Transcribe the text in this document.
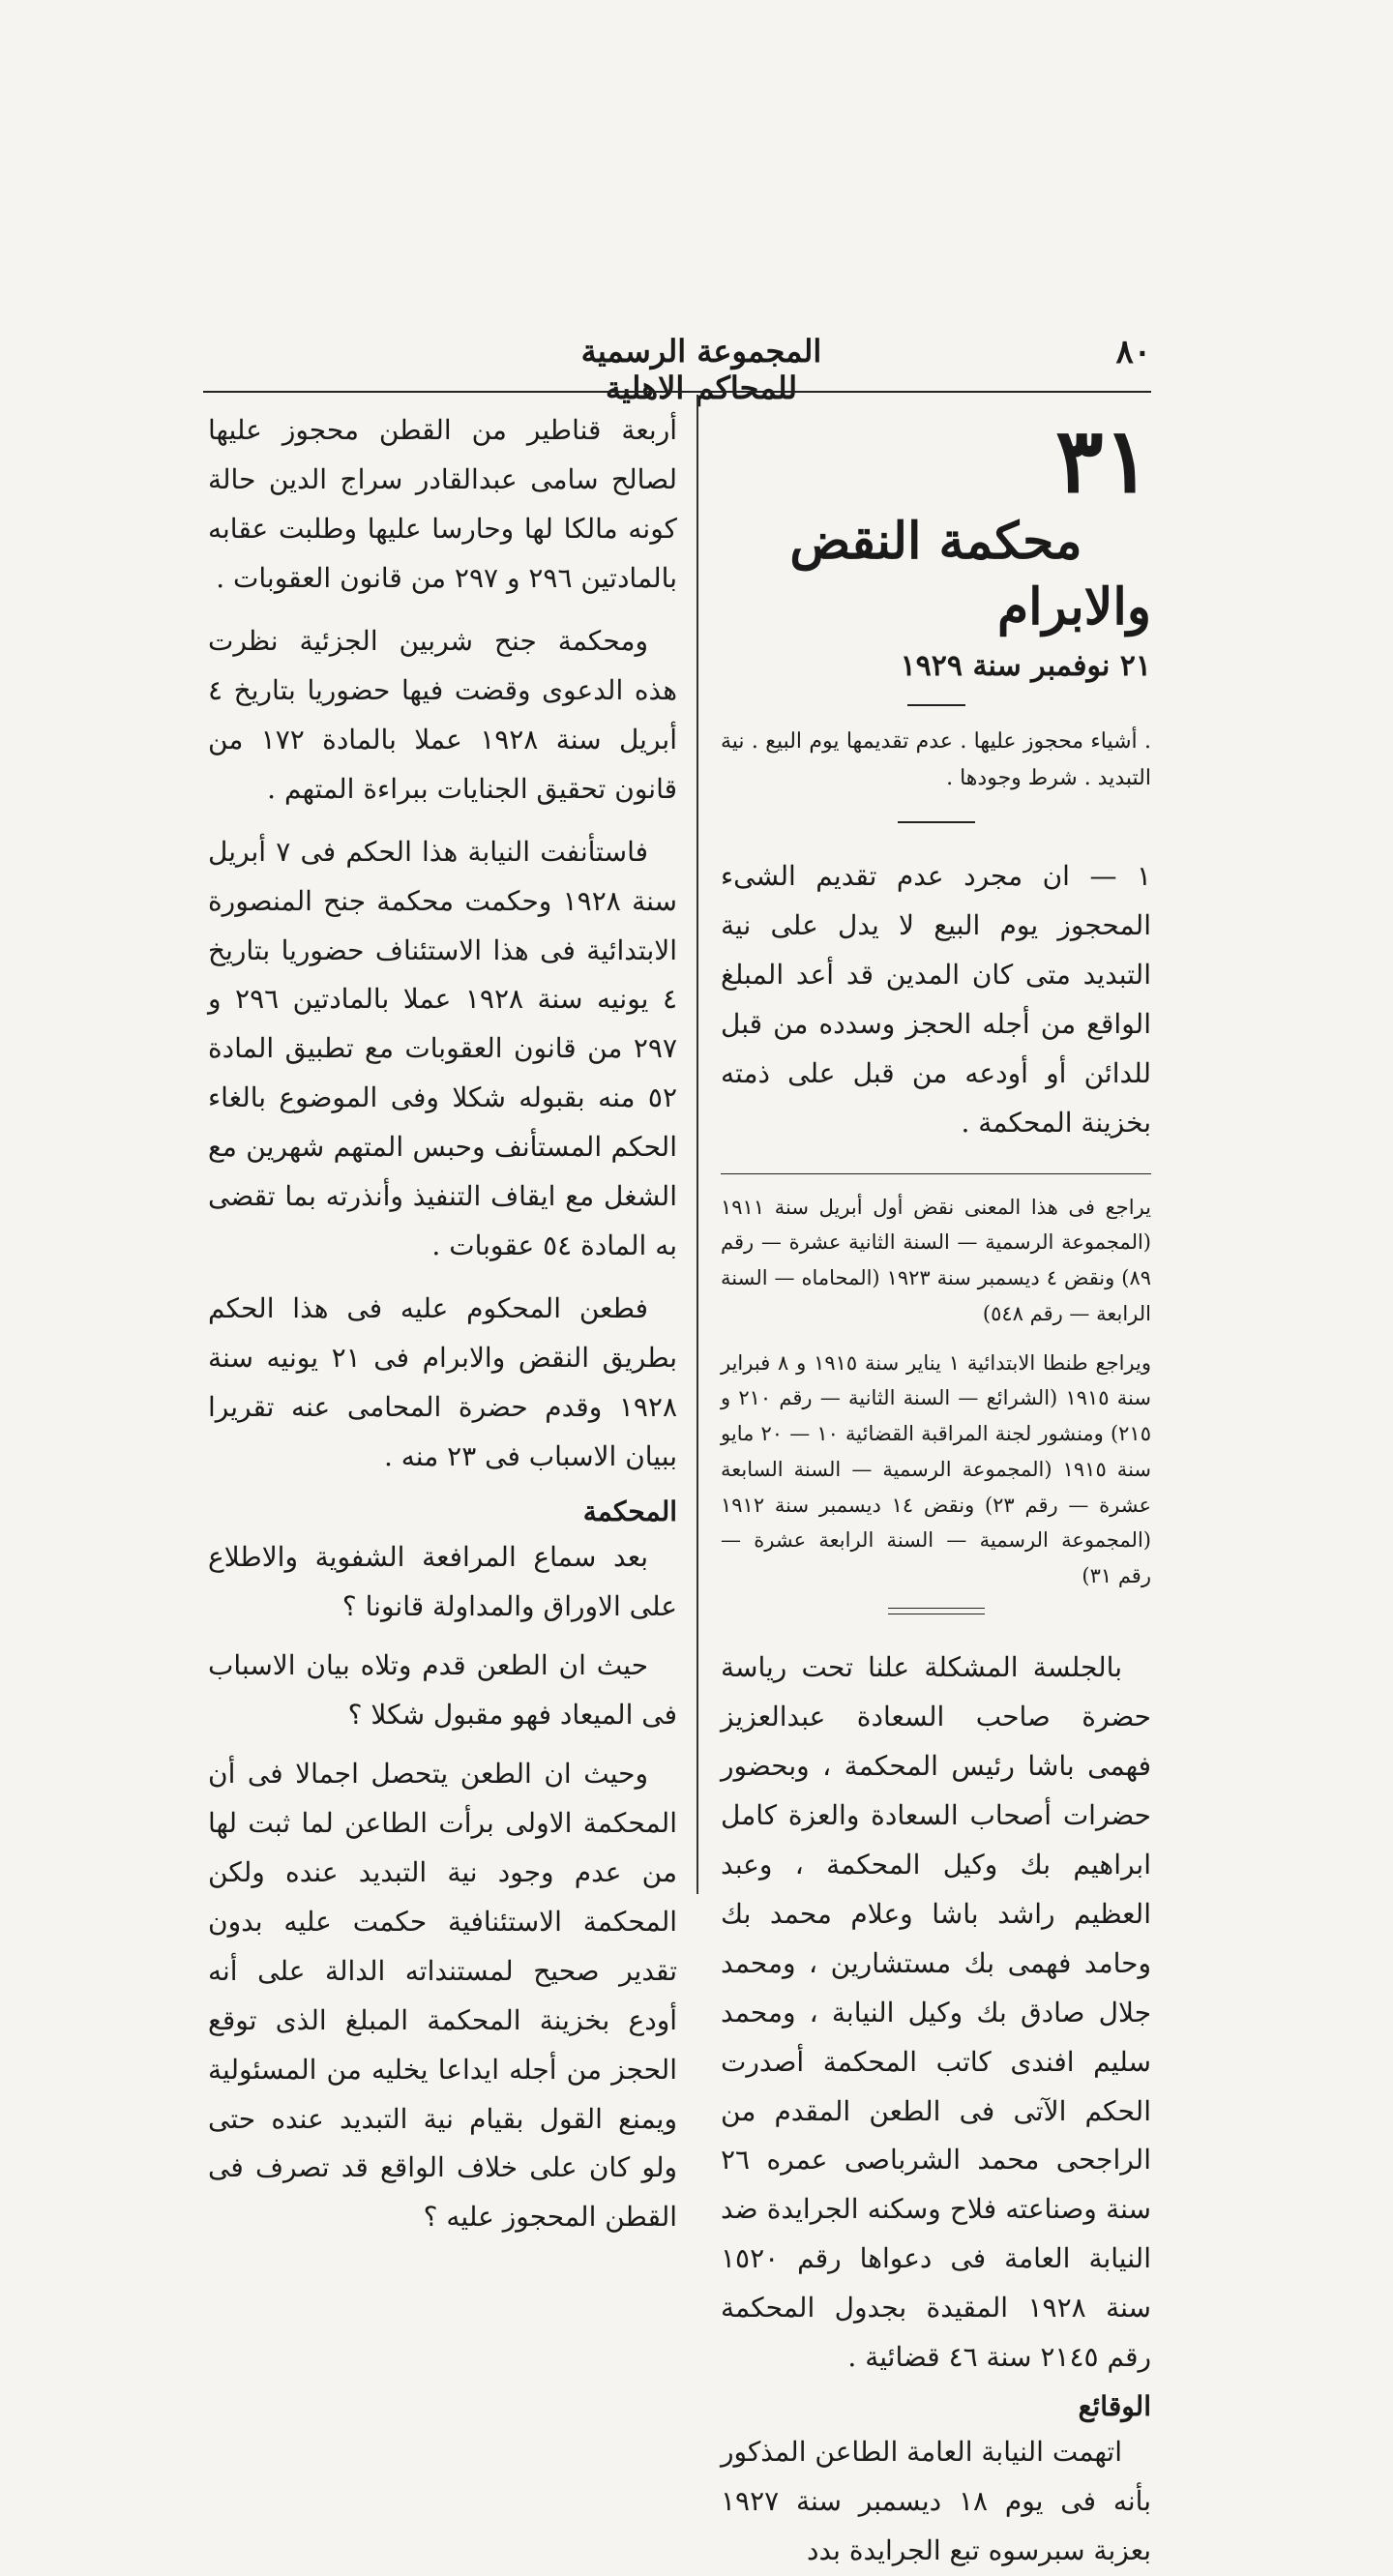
المجموعة الرسمية للمحاكم الاهلية
٨٠
٣١
محكمة النقض والابرام
٢١ نوفمبر سنة ١٩٢٩

. أشياء محجوز عليها . عدم تقديمها يوم البيع . نية التبديد . شرط وجودها .

١ — ان مجرد عدم تقديم الشىء المحجوز يوم البيع لا يدل على نية التبديد متى كان المدين قد أعد المبلغ الواقع من أجله الحجز وسدده من قبل للدائن أو أودعه من قبل على ذمته بخزينة المحكمة .

يراجع فى هذا المعنى نقض أول أبريل سنة ١٩١١ (المجموعة الرسمية — السنة الثانية عشرة — رقم ٨٩) ونقض ٤ ديسمبر سنة ١٩٢٣ (المحاماه — السنة الرابعة — رقم ٥٤٨)

ويراجع طنطا الابتدائية ١ يناير سنة ١٩١٥ و ٨ فبراير سنة ١٩١٥ (الشرائع — السنة الثانية — رقم ٢١٠ و ٢١٥) ومنشور لجنة المراقبة القضائية ١٠ — ٢٠ مايو سنة ١٩١٥ (المجموعة الرسمية — السنة السابعة عشرة — رقم ٢٣) ونقض ١٤ ديسمبر سنة ١٩١٢ (المجموعة الرسمية — السنة الرابعة عشرة — رقم ٣١)

بالجلسة المشكلة علنا تحت رياسة حضرة صاحب السعادة عبدالعزيز فهمى باشا رئيس المحكمة ، وبحضور حضرات أصحاب السعادة والعزة كامل ابراهيم بك وكيل المحكمة ، وعبد العظيم راشد باشا وعلام محمد بك وحامد فهمى بك مستشارين ، ومحمد جلال صادق بك وكيل النيابة ، ومحمد سليم افندى كاتب المحكمة أصدرت الحكم الآتى فى الطعن المقدم من الراجحى محمد الشرباصى عمره ٢٦ سنة وصناعته فلاح وسكنه الجرايدة ضد النيابة العامة فى دعواها رقم ١٥٢٠ سنة ١٩٢٨ المقيدة بجدول المحكمة رقم ٢١٤٥ سنة ٤٦ قضائية .

الوقائع

اتهمت النيابة العامة الطاعن المذكور بأنه فى يوم ١٨ ديسمبر سنة ١٩٢٧ بعزبة سبرسوه تبع الجرايدة بدد

أربعة قناطير من القطن محجوز عليها لصالح سامى عبدالقادر سراج الدين حالة كونه مالكا لها وحارسا عليها وطلبت عقابه بالمادتين ٢٩٦ و ٢٩٧ من قانون العقوبات .

ومحكمة جنح شربين الجزئية نظرت هذه الدعوى وقضت فيها حضوريا بتاريخ ٤ أبريل سنة ١٩٢٨ عملا بالمادة ١٧٢ من قانون تحقيق الجنايات ببراءة المتهم .

فاستأنفت النيابة هذا الحكم فى ٧ أبريل سنة ١٩٢٨ وحكمت محكمة جنح المنصورة الابتدائية فى هذا الاستئناف حضوريا بتاريخ ٤ يونيه سنة ١٩٢٨ عملا بالمادتين ٢٩٦ و ٢٩٧ من قانون العقوبات مع تطبيق المادة ٥٢ منه بقبوله شكلا وفى الموضوع بالغاء الحكم المستأنف وحبس المتهم شهرين مع الشغل مع ايقاف التنفيذ وأنذرته بما تقضى به المادة ٥٤ عقوبات .

فطعن المحكوم عليه فى هذا الحكم بطريق النقض والابرام فى ٢١ يونيه سنة ١٩٢٨ وقدم حضرة المحامى عنه تقريرا ببيان الاسباب فى ٢٣ منه .

المحكمة

بعد سماع المرافعة الشفوية والاطلاع على الاوراق والمداولة قانونا ؟

حيث ان الطعن قدم وتلاه بيان الاسباب فى الميعاد فهو مقبول شكلا ؟

وحيث ان الطعن يتحصل اجمالا فى أن المحكمة الاولى برأت الطاعن لما ثبت لها من عدم وجود نية التبديد عنده ولكن المحكمة الاستئنافية حكمت عليه بدون تقدير صحيح لمستنداته الدالة على أنه أودع بخزينة المحكمة المبلغ الذى توقع الحجز من أجله ايداعا يخليه من المسئولية ويمنع القول بقيام نية التبديد عنده حتى ولو كان على خلاف الواقع قد تصرف فى القطن المحجوز عليه ؟
